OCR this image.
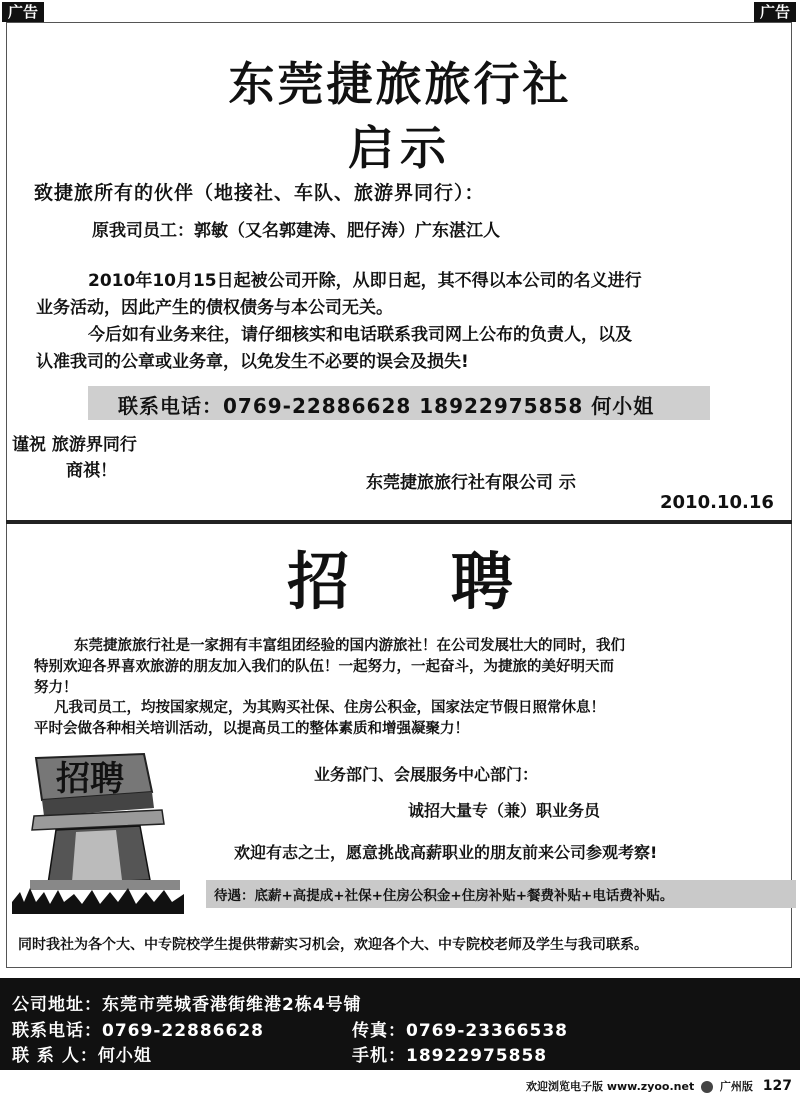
广告	广告
东莞捷旅旅行社
启示
致捷旅所有的伙伴（地接社、车队、旅游界同行）：
原我司员工：郭敏（又名郭建涛、肥仔涛）广东湛江人
2010年10月15日起被公司开除，从即日起，其不得以本公司的名义进行
业务活动，因此产生的债权债务与本公司无关。
今后如有业务来往，请仔细核实和电话联系我司网上公布的负责人，以及
认准我司的公章或业务章，以免发生不必要的误会及损失!
联系电话：0769-22886628 18922975858 何小姐
谨祝 旅游界同行
商祺！
东莞捷旅旅行社有限公司 示
2010.10.16
招 聘
东莞捷旅旅行社是一家拥有丰富组团经验的国内游旅社！在公司发展壮大的同时，我们
特别欢迎各界喜欢旅游的朋友加入我们的队伍！一起努力，一起奋斗，为捷旅的美好明天而
努力！
凡我司员工，均按国家规定，为其购买社保、住房公积金，国家法定节假日照常休息！
平时会做各种相关培训活动，以提高员工的整体素质和增强凝聚力！
招聘	业务部门、会展服务中心部门：
诚招大量专（兼）职业务员
欢迎有志之士，愿意挑战高薪职业的朋友前来公司参观考察!
待遇：底薪+高提成+社保+住房公积金+住房补贴+餐费补贴+电话费补贴。
同时我社为各个大、中专院校学生提供带薪实习机会，欢迎各个大、中专院校老师及学生与我司联系。
公司地址：东莞市莞城香港街维港2栋4号铺
联系电话：0769-22886628	传真：0769-23366538
联 系 人：何小姐	手机：18922975858
欢迎浏览电子版 www.zyoo.net 广州版 127
